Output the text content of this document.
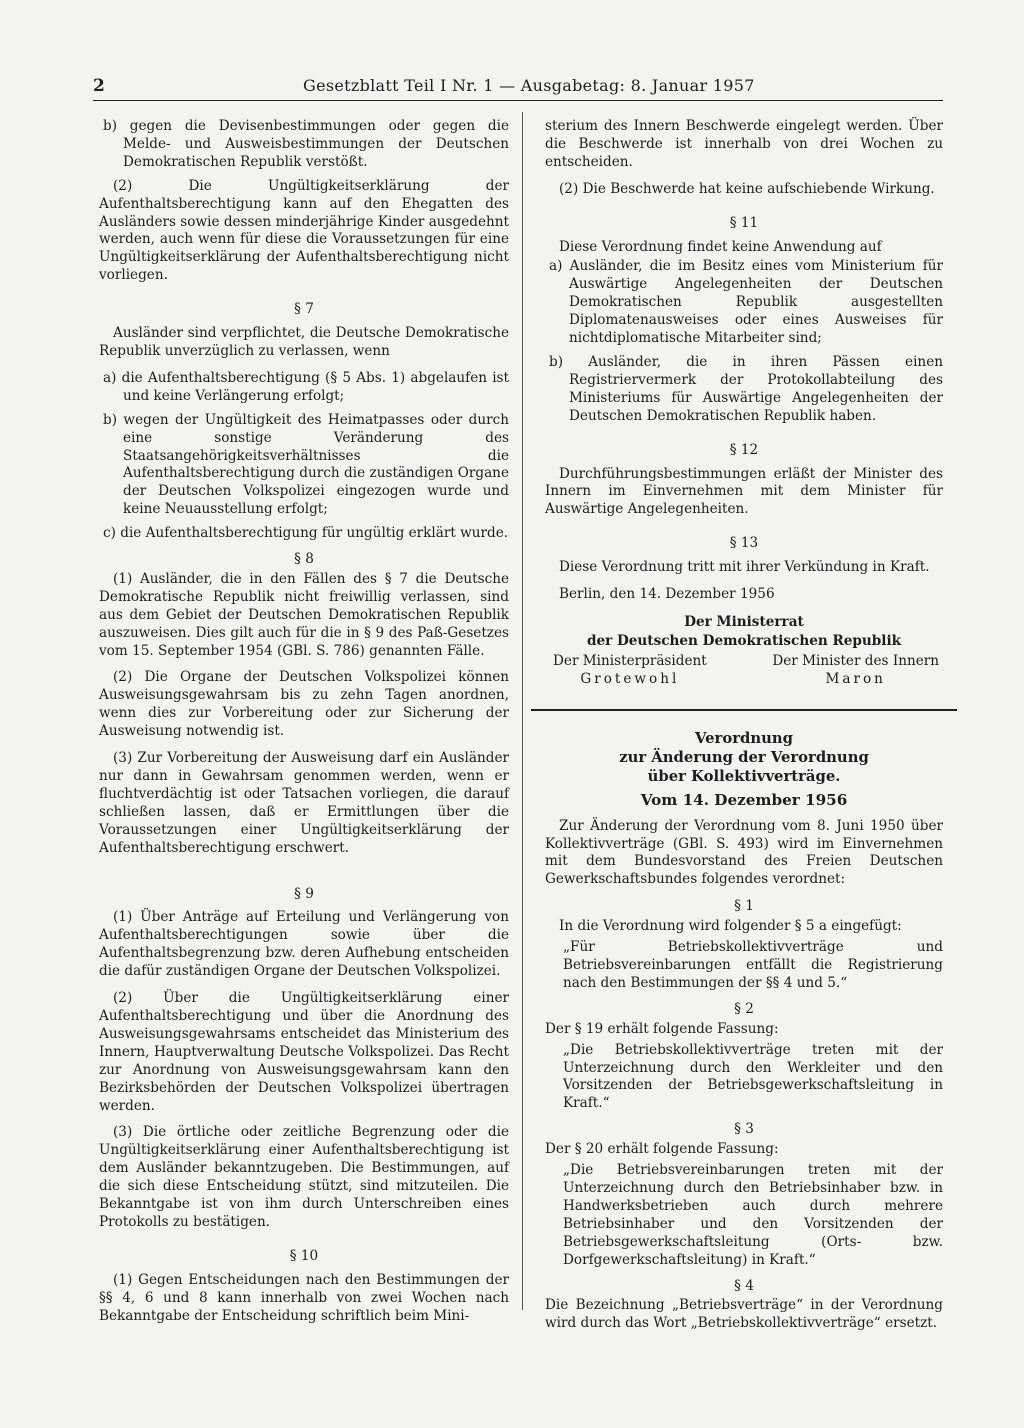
2	Gesetzblatt Teil I Nr. 1 — Ausgabetag: 8. Januar 1957

b) gegen die Devisenbestimmungen oder gegen die Melde- und Ausweisbestimmungen der Deutschen Demokratischen Republik verstößt.

(2) Die Ungültigkeitserklärung der Aufenthaltsberechtigung kann auf den Ehegatten des Ausländers sowie dessen minderjährige Kinder ausgedehnt werden, auch wenn für diese die Voraussetzungen für eine Ungültigkeitserklärung der Aufenthaltsberechtigung nicht vorliegen.

§ 7

Ausländer sind verpflichtet, die Deutsche Demokratische Republik unverzüglich zu verlassen, wenn

a) die Aufenthaltsberechtigung (§ 5 Abs. 1) abgelaufen ist und keine Verlängerung erfolgt;

b) wegen der Ungültigkeit des Heimatpasses oder durch eine sonstige Veränderung des Staatsangehörigkeitsverhältnisses die Aufenthaltsberechtigung durch die zuständigen Organe der Deutschen Volkspolizei eingezogen wurde und keine Neuausstellung erfolgt;

c) die Aufenthaltsberechtigung für ungültig erklärt wurde.

§ 8

(1) Ausländer, die in den Fällen des § 7 die Deutsche Demokratische Republik nicht freiwillig verlassen, sind aus dem Gebiet der Deutschen Demokratischen Republik auszuweisen. Dies gilt auch für die in § 9 des Paß-Gesetzes vom 15. September 1954 (GBl. S. 786) genannten Fälle.

(2) Die Organe der Deutschen Volkspolizei können Ausweisungsgewahrsam bis zu zehn Tagen anordnen, wenn dies zur Vorbereitung oder zur Sicherung der Ausweisung notwendig ist.

(3) Zur Vorbereitung der Ausweisung darf ein Ausländer nur dann in Gewahrsam genommen werden, wenn er fluchtverdächtig ist oder Tatsachen vorliegen, die darauf schließen lassen, daß er Ermittlungen über die Voraussetzungen einer Ungültigkeitserklärung der Aufenthaltsberechtigung erschwert.

§ 9

(1) Über Anträge auf Erteilung und Verlängerung von Aufenthaltsberechtigungen sowie über die Aufenthaltsbegrenzung bzw. deren Aufhebung entscheiden die dafür zuständigen Organe der Deutschen Volkspolizei.

(2) Über die Ungültigkeitserklärung einer Aufenthaltsberechtigung und über die Anordnung des Ausweisungsgewahrsams entscheidet das Ministerium des Innern, Hauptverwaltung Deutsche Volkspolizei. Das Recht zur Anordnung von Ausweisungsgewahrsam kann den Bezirksbehörden der Deutschen Volkspolizei übertragen werden.

(3) Die örtliche oder zeitliche Begrenzung oder die Ungültigkeitserklärung einer Aufenthaltsberechtigung ist dem Ausländer bekanntzugeben. Die Bestimmungen, auf die sich diese Entscheidung stützt, sind mitzuteilen. Die Bekanntgabe ist von ihm durch Unterschreiben eines Protokolls zu bestätigen.

§ 10

(1) Gegen Entscheidungen nach den Bestimmungen der §§ 4, 6 und 8 kann innerhalb von zwei Wochen nach Bekanntgabe der Entscheidung schriftlich beim Mini-

sterium des Innern Beschwerde eingelegt werden. Über die Beschwerde ist innerhalb von drei Wochen zu entscheiden.

(2) Die Beschwerde hat keine aufschiebende Wirkung.

§ 11

Diese Verordnung findet keine Anwendung auf

a) Ausländer, die im Besitz eines vom Ministerium für Auswärtige Angelegenheiten der Deutschen Demokratischen Republik ausgestellten Diplomatenausweises oder eines Ausweises für nichtdiplomatische Mitarbeiter sind;

b) Ausländer, die in ihren Pässen einen Registriervermerk der Protokollabteilung des Ministeriums für Auswärtige Angelegenheiten der Deutschen Demokratischen Republik haben.

§ 12

Durchführungsbestimmungen erläßt der Minister des Innern im Einvernehmen mit dem Minister für Auswärtige Angelegenheiten.

§ 13

Diese Verordnung tritt mit ihrer Verkündung in Kraft.

Berlin, den 14. Dezember 1956

Der Ministerrat
der Deutschen Demokratischen Republik
Der Ministerpräsident
Grotewohl
Der Minister des Innern
Maron
Verordnung
zur Änderung der Verordnung
über Kollektivverträge.
Vom 14. Dezember 1956

Zur Änderung der Verordnung vom 8. Juni 1950 über Kollektivverträge (GBl. S. 493) wird im Einvernehmen mit dem Bundesvorstand des Freien Deutschen Gewerkschaftsbundes folgendes verordnet:

§ 1

In die Verordnung wird folgender § 5 a eingefügt:

„Für Betriebskollektivverträge und Betriebsvereinbarungen entfällt die Registrierung nach den Bestimmungen der §§ 4 und 5.“

§ 2

Der § 19 erhält folgende Fassung:

„Die Betriebskollektivverträge treten mit der Unterzeichnung durch den Werkleiter und den Vorsitzenden der Betriebsgewerkschaftsleitung in Kraft.“

§ 3

Der § 20 erhält folgende Fassung:

„Die Betriebsvereinbarungen treten mit der Unterzeichnung durch den Betriebsinhaber bzw. in Handwerksbetrieben auch durch mehrere Betriebsinhaber und den Vorsitzenden der Betriebsgewerkschaftsleitung (Orts- bzw. Dorfgewerkschaftsleitung) in Kraft.“

§ 4

Die Bezeichnung „Betriebsverträge“ in der Verordnung wird durch das Wort „Betriebskollektivverträge“ ersetzt.
